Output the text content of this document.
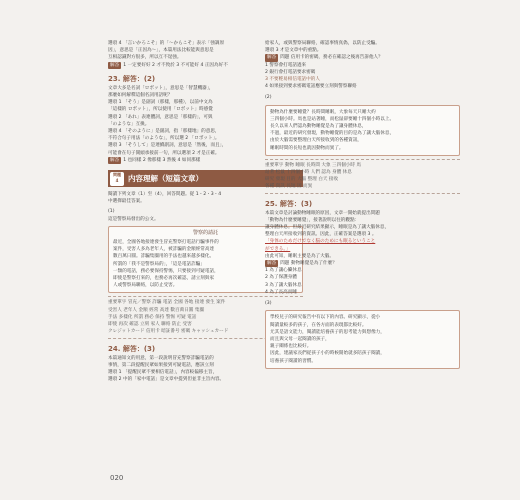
選項 4 「言いかろこそ」的「～からこそ」表示「強調原
因」，意思是「正因為～」，本篇用法比較能與意思是
互相認識對方很多，所以互不逞強。
解答 1 一定要好好 2 才不致於 3 不可能好 4 正因為好不
23. 解答：(2)
文章大多是名詞「ロボット」，意思是「智慧機器」，
那麼如何解釋這個名詞用語呢？
選項 1 「そう」是副詞（那樣，那種），以前中文為
「這樣的 ロボット」，所以使用「ロボット」時感覺
選項 2 「あれ」表連體詞，意思是「那樣的」，可與
「のような」互換。
選項 4 「そのように」是副詞，指「那樣地」的意思，
不符合句子用法「のような」，所以選 2 「ロボット」。
選項 3 「そうして」是連續副詞，意思是「然後，而且」，
可能會在句子開頭承接前一句，所以選項 2 才是正確。
解答 1 也同樣 2 像那樣 3 然後 4 如同那樣
問題
4	内容理解（短篇文章）
閱讀下列文章（1）至（4），回答問題。從 1・2・3・4
中選擇最佳答案。
(1)
這是警察局發出的公文。
警察的請託
最近，全國各地接連發生冒充警察打電話行騙事件的
案件，受害人多為老年人，被詐騙的金額經常高達
數百萬日圓。詐騙集團用的手法也越來越多樣化。
所謂的「我不是警察局的」，「這是電話詐騙」
一類的電話，務必要保持警惕，只要接到可疑電話，
即使是警察打來的，也務必再次確認，請立刻與家
人或警察局聯絡，以防止受害。
重要單字 冒充／警察 詐騙 電話 全國 各地 接連 發生 案件
受害人 老年人 金額 經常 高達 數百萬日圓 集團
手法 多樣化 所謂 務必 保持 警惕 可疑 電話
即使 再次 確認 立刻 家人 聯絡 防止 受害
クレジットカード 信用卡 暗証番号 密碼 キャッシュカード
24. 解答：(3)
本篇通知文的用意，第一段說明冒充警察詐騙電話的
事情，第二段提醒民眾如果接到可疑電話，應該立刻
選項 1 「提醒民眾不要相信電話」，內容較偏移主旨，
選項 2 中的「家中電話」是文章中提到但並非主旨內容。
給家人，或與警察局聯絡，確認事情真偽，以防止受騙。
選項 3 才是文章中的重點。
解答 問題 信用卡的密碼，務必在確認之後再告訴他人？
1 警察會打電話過來
2 銀行會打電話要求密碼
3 不要輕易相信電話中的人
4 如果接到要求密碼電話應要立刻與警察聯絡
(2)
動物為什麼要睡覺？長時間睡眠，大象每天只睡大約
三四個小時。馬也是站著睡，而松鼠卻要睡十四個小時以上。
長久以來人們認為動物睡覺是為了讓身體休息，
不過，最近的研究發現，動物睡覺的目的是為了讓大腦休息，
由於大腦需要整理白天所接收到的各種資訊，
睡眠時間的長短也就因動物而異了。
重要單字 動物 睡眠 長時間 大象 三四個小時 馬
站著 松鼠 十四個小時 人們 認為 身體 休息
研究 發現 目的 大腦 整理 白天 接收
各種 資訊 長短 因 而異
25. 解答：(3)
本篇文章是討論動物睡眠的原因，文章一開始就提出問題
「動物為什麼要睡覺」，接著說明以往的觀點：
讓身體休息。但最近研究結果顯示，睡眠是為了讓大腦休息，
整理白天所接收到的資訊。因此，正確答案是選項 3 。
「身体のためだけでなく脳のためにも眠るということ
ができる。」
由此可知，睡眠主要是為了大腦。
解答 問題 動物睡覺是為了什麼？
1 為了讓心臟休息
2 為了保護身體
3 為了讓大腦休息
4 為了長高而睡
(3)
學校兒子的研究報告中有以下的內容。研究顯示，從小
閱讀量較多的孩子，在各方面的表現都比較好。
尤其是語文能力，閱讀能培養孩子的思考能力與想像力，
而且與父母一起閱讀的孩子，
親子關係也比較好。
因此，建議家長們從孩子小的時候開始就多陪孩子閱讀，
培養孩子閱讀的習慣。
020
